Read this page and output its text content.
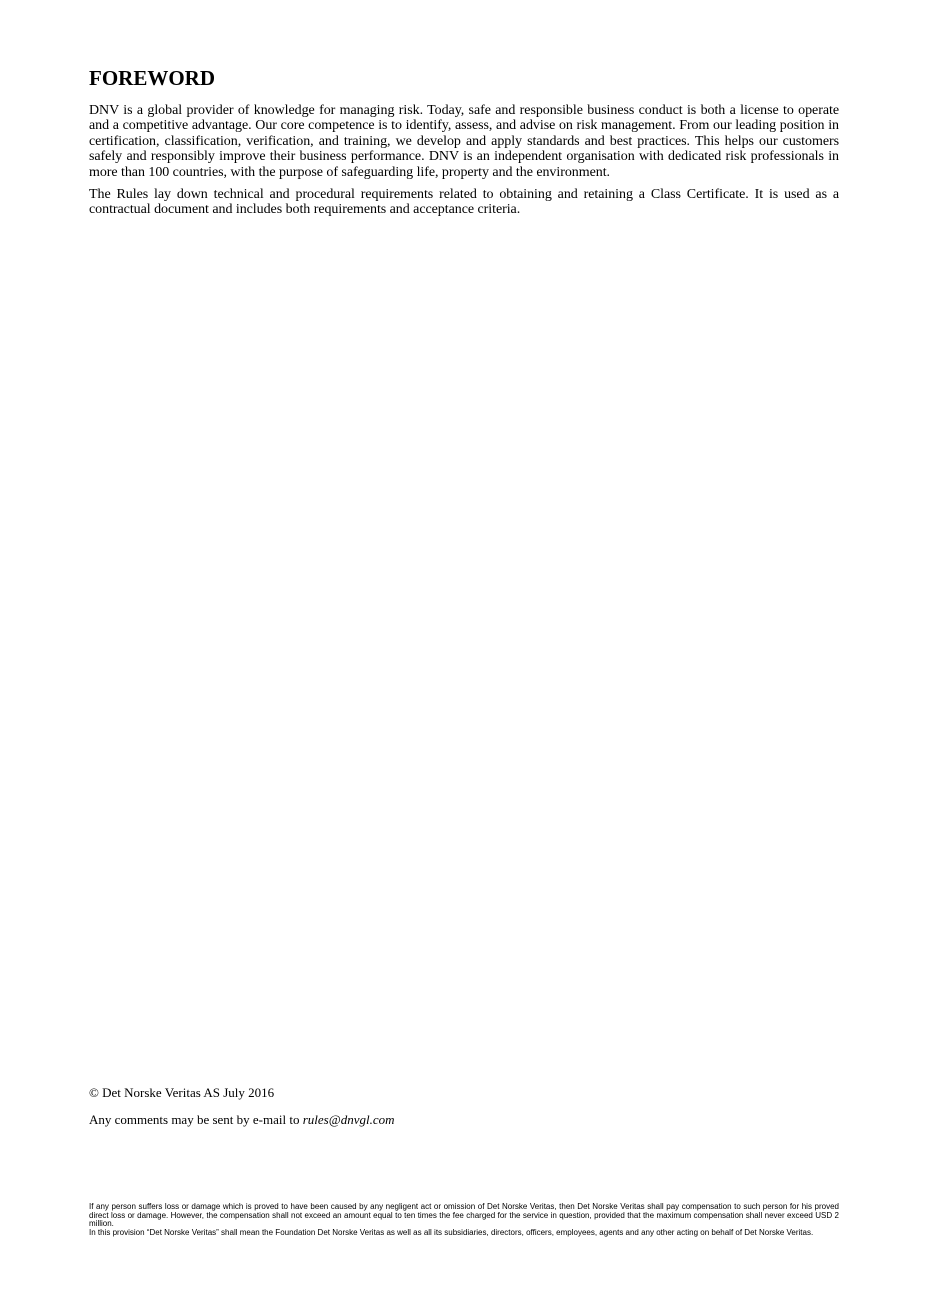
FOREWORD

DNV is a global provider of knowledge for managing risk. Today, safe and responsible business conduct is both a license to operate and a competitive advantage. Our core competence is to identify, assess, and advise on risk management. From our leading position in certification, classification, verification, and training, we develop and apply standards and best practices. This helps our customers safely and responsibly improve their business performance. DNV is an independent organisation with dedicated risk professionals in more than 100 countries, with the purpose of safeguarding life, property and the environment.

The Rules lay down technical and procedural requirements related to obtaining and retaining a Class Certificate. It is used as a contractual document and includes both requirements and acceptance criteria.

© Det Norske Veritas AS July 2016

Any comments may be sent by e-mail to rules@dnvgl.com

If any person suffers loss or damage which is proved to have been caused by any negligent act or omission of Det Norske Veritas, then Det Norske Veritas shall pay compensation to such person for his proved direct loss or damage. However, the compensation shall not exceed an amount equal to ten times the fee charged for the service in question, provided that the maximum compensation shall never exceed USD 2 million.

In this provision “Det Norske Veritas” shall mean the Foundation Det Norske Veritas as well as all its subsidiaries, directors, officers, employees, agents and any other acting on behalf of Det Norske Veritas.
